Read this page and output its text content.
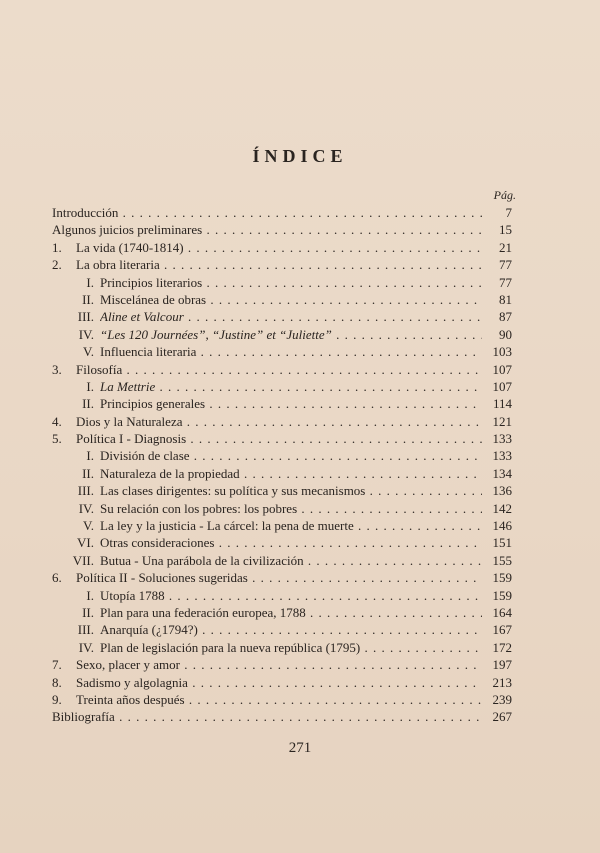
ÍNDICE
Pág.
Introducción . . .	7
Algunos juicios preliminares . . .	15
1. La vida (1740-1814) . . .	21
2. La obra literaria . . .	77
I. Principios literarios . . .	77
II. Miscelánea de obras . . .	81
III. Aline et Valcour . . .	87
IV. “Les 120 Journées”, “Justine” et “Juliette” . . .	90
V. Influencia literaria . . .	103
3. Filosofía . . .	107
I. La Mettrie . . .	107
II. Principios generales . . .	114
4. Dios y la Naturaleza . . .	121
5. Política I - Diagnosis . . .	133
I. División de clase . . .	133
II. Naturaleza de la propiedad . . .	134
III. Las clases dirigentes: su política y sus mecanismos . . .	136
IV. Su relación con los pobres: los pobres . . .	142
V. La ley y la justicia - La cárcel: la pena de muerte . . .	146
VI. Otras consideraciones . . .	151
VII. Butua - Una parábola de la civilización . . .	155
6. Política II - Soluciones sugeridas . . .	159
I. Utopía 1788 . . .	159
II. Plan para una federación europea, 1788 . . .	164
III. Anarquía (¿1794?) . . .	167
IV. Plan de legislación para la nueva república (1795) . . .	172
7. Sexo, placer y amor . . .	197
8. Sadismo y algolagnia . . .	213
9. Treinta años después . . .	239
Bibliografía . . .	267
271
